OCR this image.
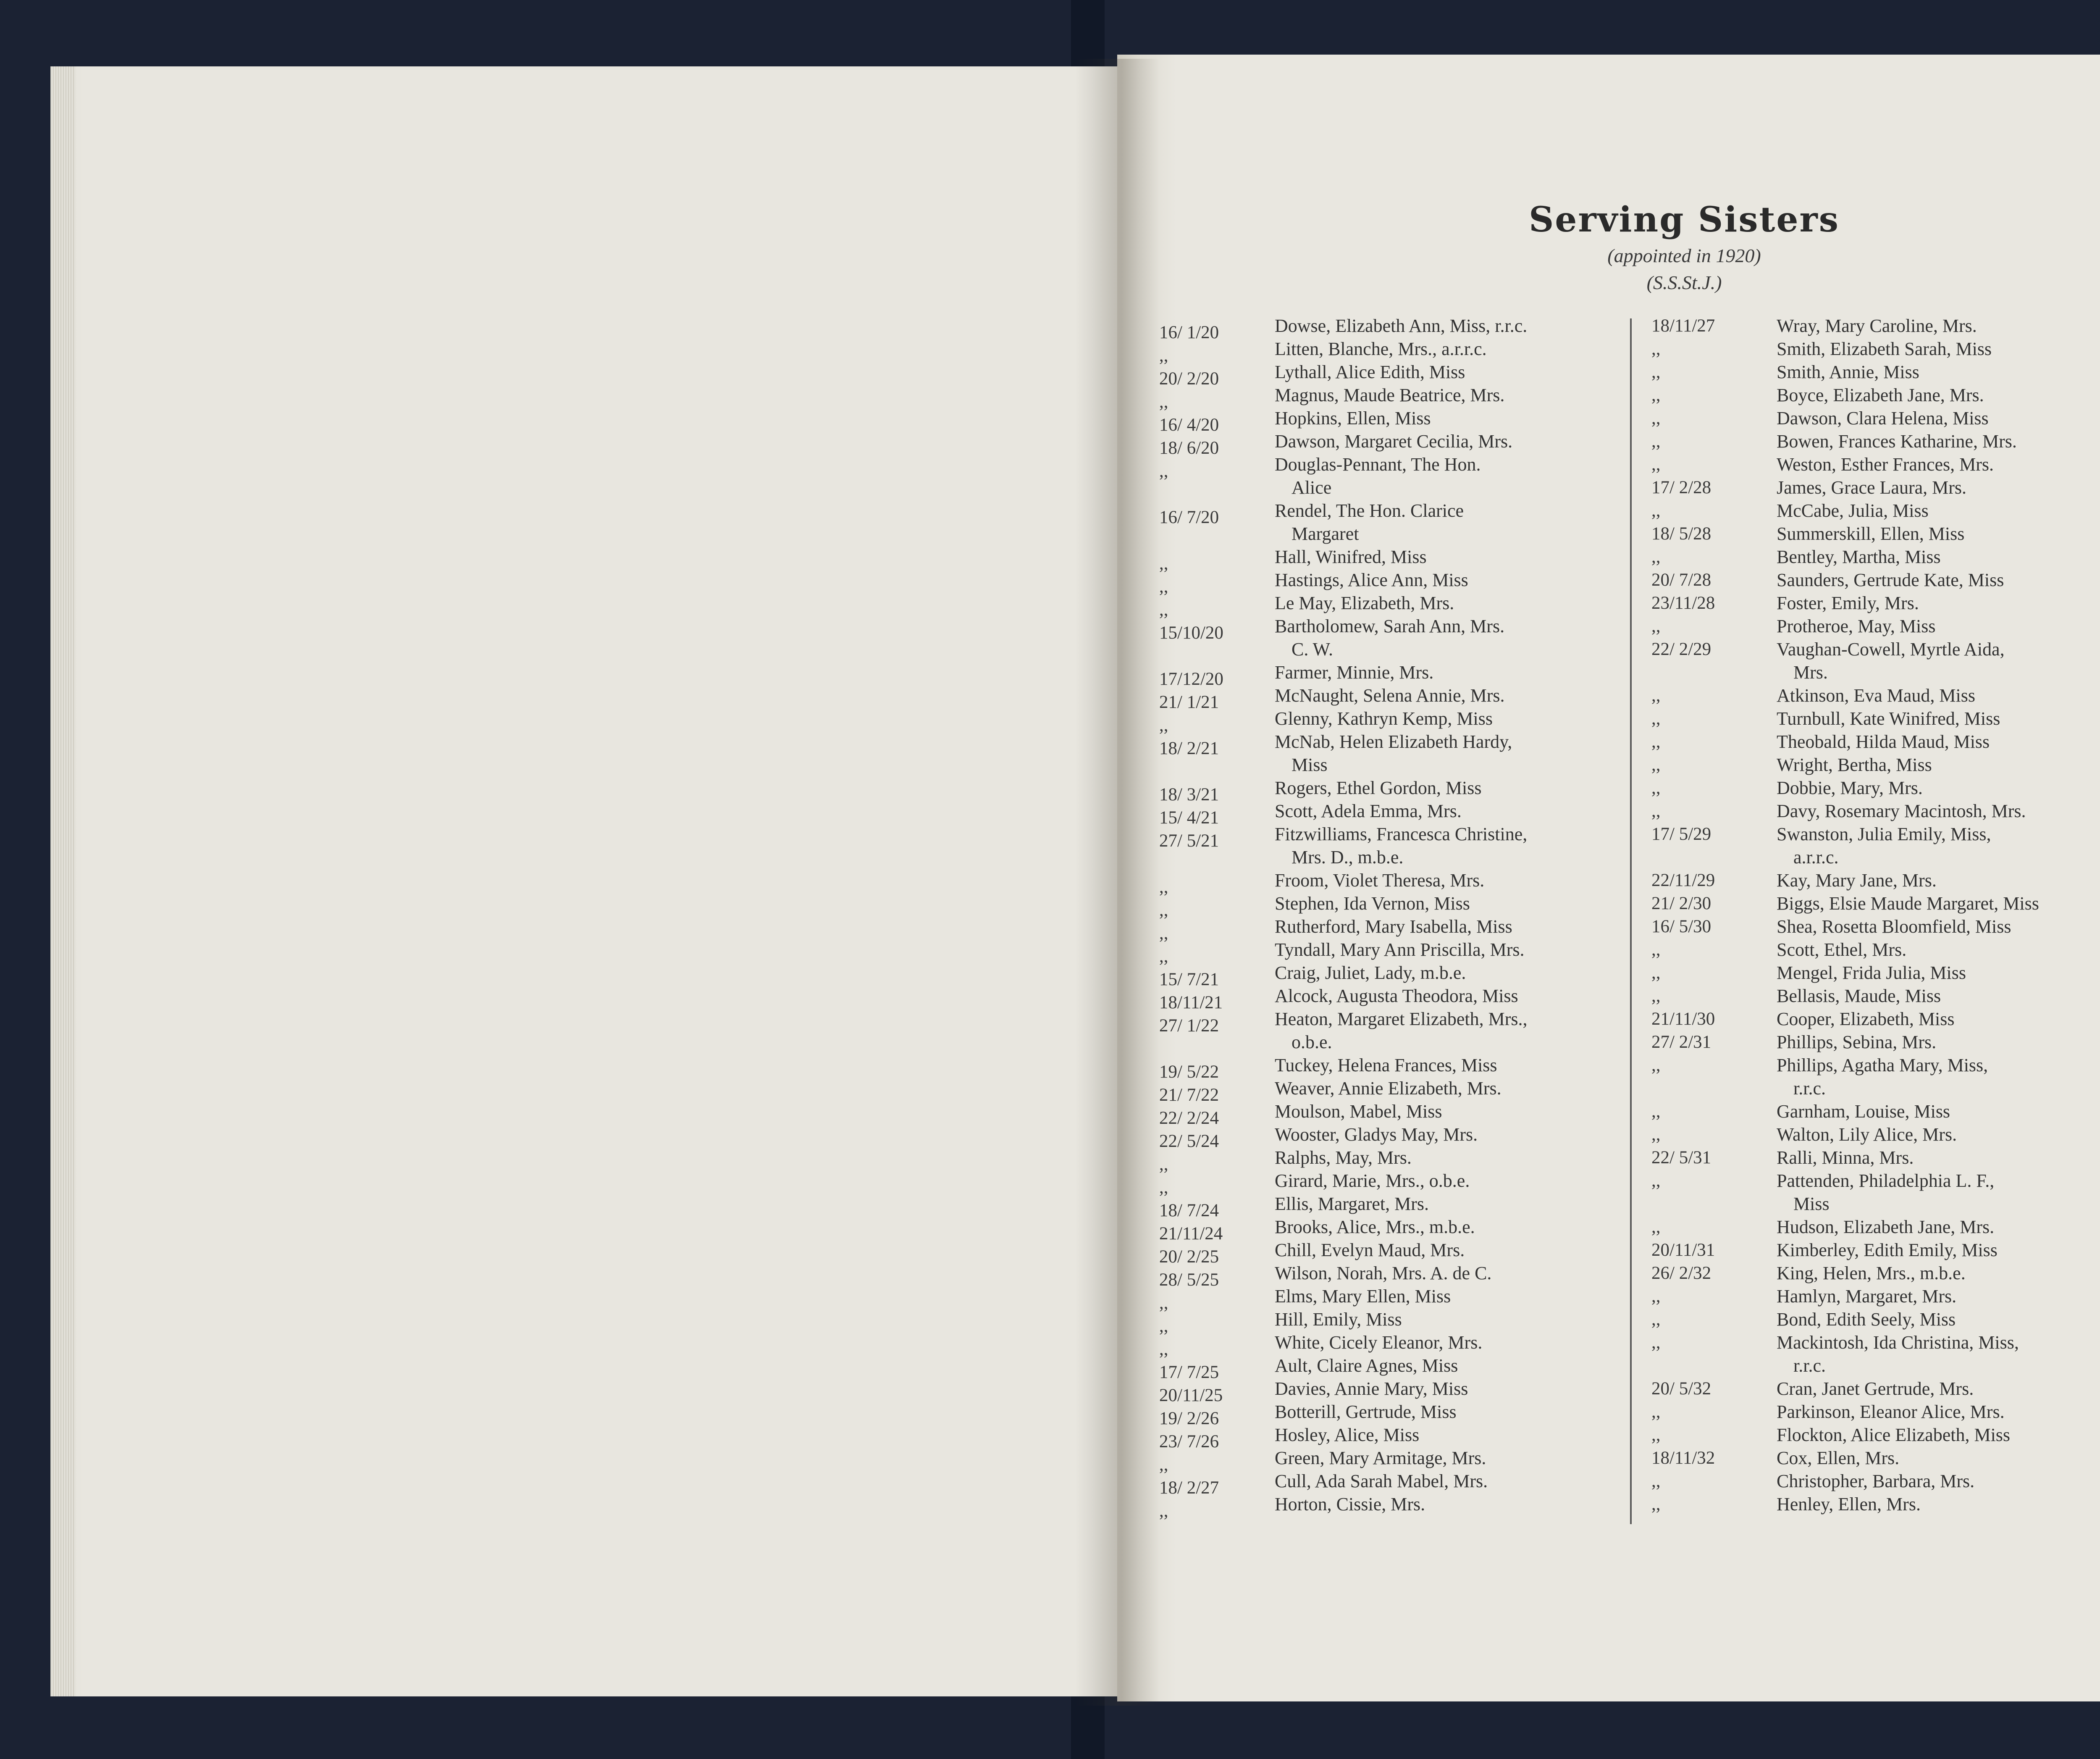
Serving Sisters
(appointed in 1920)
(S.S.St.J.)
16/ 1/20	Dowse, Elizabeth Ann, Miss, r.r.c.
,,	Litten, Blanche, Mrs., a.r.r.c.
20/ 2/20	Lythall, Alice Edith, Miss
,,	Magnus, Maude Beatrice, Mrs.
16/ 4/20	Hopkins, Ellen, Miss
18/ 6/20	Dawson, Margaret Cecilia, Mrs.
,,	Douglas-Pennant, The Hon.
Alice
16/ 7/20	Rendel, The Hon. Clarice
Margaret
,,	Hall, Winifred, Miss
,,	Hastings, Alice Ann, Miss
,,	Le May, Elizabeth, Mrs.
15/10/20	Bartholomew, Sarah Ann, Mrs.
C. W.
17/12/20	Farmer, Minnie, Mrs.
21/ 1/21	McNaught, Selena Annie, Mrs.
,,	Glenny, Kathryn Kemp, Miss
18/ 2/21	McNab, Helen Elizabeth Hardy,
Miss
18/ 3/21	Rogers, Ethel Gordon, Miss
15/ 4/21	Scott, Adela Emma, Mrs.
27/ 5/21	Fitzwilliams, Francesca Christine,
Mrs. D., m.b.e.
,,	Froom, Violet Theresa, Mrs.
,,	Stephen, Ida Vernon, Miss
,,	Rutherford, Mary Isabella, Miss
,,	Tyndall, Mary Ann Priscilla, Mrs.
15/ 7/21	Craig, Juliet, Lady, m.b.e.
18/11/21	Alcock, Augusta Theodora, Miss
27/ 1/22	Heaton, Margaret Elizabeth, Mrs.,
o.b.e.
19/ 5/22	Tuckey, Helena Frances, Miss
21/ 7/22	Weaver, Annie Elizabeth, Mrs.
22/ 2/24	Moulson, Mabel, Miss
22/ 5/24	Wooster, Gladys May, Mrs.
,,	Ralphs, May, Mrs.
,,	Girard, Marie, Mrs., o.b.e.
18/ 7/24	Ellis, Margaret, Mrs.
21/11/24	Brooks, Alice, Mrs., m.b.e.
20/ 2/25	Chill, Evelyn Maud, Mrs.
28/ 5/25	Wilson, Norah, Mrs. A. de C.
,,	Elms, Mary Ellen, Miss
,,	Hill, Emily, Miss
,,	White, Cicely Eleanor, Mrs.
17/ 7/25	Ault, Claire Agnes, Miss
20/11/25	Davies, Annie Mary, Miss
19/ 2/26	Botterill, Gertrude, Miss
23/ 7/26	Hosley, Alice, Miss
,,	Green, Mary Armitage, Mrs.
18/ 2/27	Cull, Ada Sarah Mabel, Mrs.
,,	Horton, Cissie, Mrs.
18/11/27	Wray, Mary Caroline, Mrs.
,,	Smith, Elizabeth Sarah, Miss
,,	Smith, Annie, Miss
,,	Boyce, Elizabeth Jane, Mrs.
,,	Dawson, Clara Helena, Miss
,,	Bowen, Frances Katharine, Mrs.
,,	Weston, Esther Frances, Mrs.
17/ 2/28	James, Grace Laura, Mrs.
,,	McCabe, Julia, Miss
18/ 5/28	Summerskill, Ellen, Miss
,,	Bentley, Martha, Miss
20/ 7/28	Saunders, Gertrude Kate, Miss
23/11/28	Foster, Emily, Mrs.
,,	Protheroe, May, Miss
22/ 2/29	Vaughan-Cowell, Myrtle Aida,
Mrs.
,,	Atkinson, Eva Maud, Miss
,,	Turnbull, Kate Winifred, Miss
,,	Theobald, Hilda Maud, Miss
,,	Wright, Bertha, Miss
,,	Dobbie, Mary, Mrs.
,,	Davy, Rosemary Macintosh, Mrs.
17/ 5/29	Swanston, Julia Emily, Miss,
a.r.r.c.
22/11/29	Kay, Mary Jane, Mrs.
21/ 2/30	Biggs, Elsie Maude Margaret, Miss
16/ 5/30	Shea, Rosetta Bloomfield, Miss
,,	Scott, Ethel, Mrs.
,,	Mengel, Frida Julia, Miss
,,	Bellasis, Maude, Miss
21/11/30	Cooper, Elizabeth, Miss
27/ 2/31	Phillips, Sebina, Mrs.
,,	Phillips, Agatha Mary, Miss,
r.r.c.
,,	Garnham, Louise, Miss
,,	Walton, Lily Alice, Mrs.
22/ 5/31	Ralli, Minna, Mrs.
,,	Pattenden, Philadelphia L. F.,
Miss
,,	Hudson, Elizabeth Jane, Mrs.
20/11/31	Kimberley, Edith Emily, Miss
26/ 2/32	King, Helen, Mrs., m.b.e.
,,	Hamlyn, Margaret, Mrs.
,,	Bond, Edith Seely, Miss
,,	Mackintosh, Ida Christina, Miss,
r.r.c.
20/ 5/32	Cran, Janet Gertrude, Mrs.
,,	Parkinson, Eleanor Alice, Mrs.
,,	Flockton, Alice Elizabeth, Miss
18/11/32	Cox, Ellen, Mrs.
,,	Christopher, Barbara, Mrs.
,,	Henley, Ellen, Mrs.
